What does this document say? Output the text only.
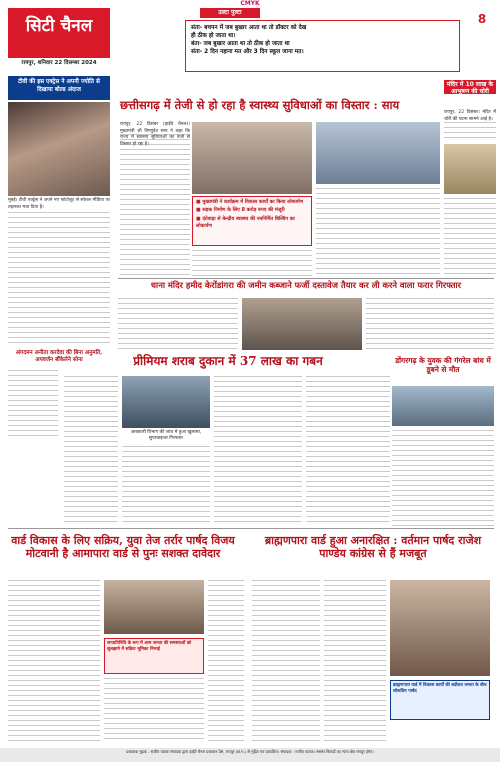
CMYK
सिटी चैनल
रायपुर, शनिवार 22 दिसम्बर 2024
उल्टा पुल्टा

संता- बचपन में जब बुखार आता था तो डॉक्टर को देख

ही ठीक हो जाता था।

बंता- जब बुखार आता था तो ठीक हो जाता था

संता- 2 दिन नहाना मत और 3 दिन स्कूल जाना मत।

8
टीवी की इस एक्ट्रेस ने अपनी ज्योति से दिखाया बोल्ड अंदाज
मुंबई। टीवी एक्ट्रेस ने अपने नए फोटोशूट से सोशल मीडिया पर तहलका मचा दिया है।
अंगदमन अनीता करदेवा की बिना अनुमति, अपवर्जन बौंकेलेने सोना
छत्तीसगढ़ में तेजी से हो रहा है स्वास्थ्य सुविधाओं का विस्तार : साय
रायपुर, 22 दिसंबर (हाईवे चैनल)। मुख्यमंत्री श्री विष्णुदेव साय ने कहा कि राज्य में स्वास्थ्य सुविधाओं का तेजी से विस्तार हो रहा है।

■ मुख्यमंत्री ने कार्यक्रम में विकास कार्यों का किया लोकार्पण

■ सड़क निर्माण के लिए 8 करोड़ रुपए की मंजूरी

■ दंतेवाड़ा से केन्द्रीय स्वास्थ्य की नवनिर्मित बिल्डिंग का लोकार्पण

मंदिर में 10 लाख के आभूषण की चोरी
रायपुर, 22 दिसंबर। मंदिर में चोरी की घटना सामने आई है।
धाना मंदिर हमीद केरोंडांगरा की जमीन कब्जाने फर्जी दस्तावेज तैयार कर ली करने वाला फरार गिरफ्तार
प्रीमियम शराब दुकान में 37 लाख का गबन
आबकारी विभाग की जांच में हुआ खुलासा, सुपरवाइजर गिरफ्तार
डोंगरगढ़ के युवक की गंगरेल बांध में डूबने से मौत
वार्ड विकास के लिए सक्रिय, युवा तेज तर्रार पार्षद विजय मोटवानी है आमापारा वार्ड से पुनः सशक्त दावेदार

जनप्रतिनिधि के रूप में आम जनता की समस्याओं को सुलझाने में सक्रिय भूमिका निभाई

ब्राह्मणपारा वार्ड हुआ अनारक्षित : वर्तमान पार्षद राजेश पाण्डेय कांग्रेस से हैं मजबूत

ब्राह्मणपारा वार्ड में विकास कार्यों की बदौलत जनता के बीच लोकप्रिय पार्षद

प्रकाशक मुद्रक - राजीव पाठक संपादक द्वारा हाईवे चैनल प्रकाशन प्रेस, रायपुर (छ.ग.) से मुद्रित एवं प्रकाशित। संपादक : राजीव पाठक। समस्त विवादों का न्याय क्षेत्र रायपुर होगा।
